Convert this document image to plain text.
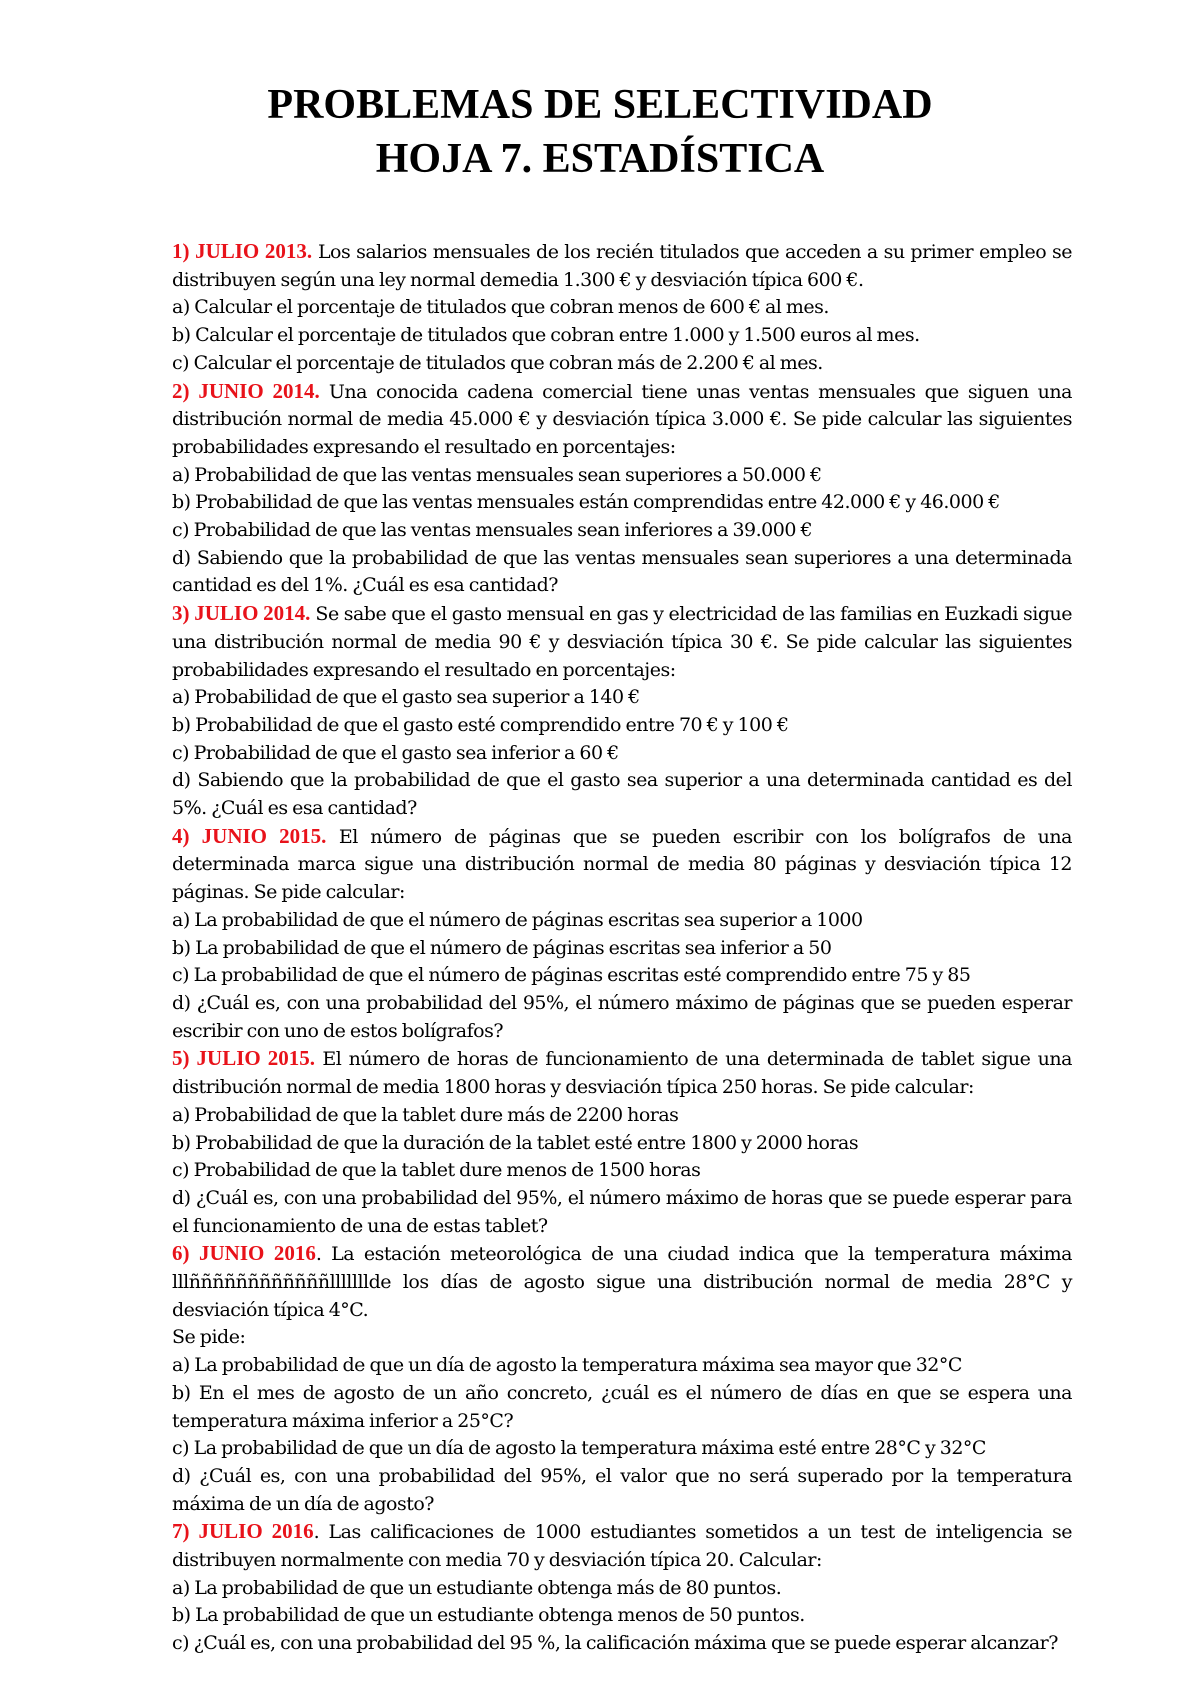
PROBLEMAS DE SELECTIVIDAD
HOJA 7. ESTADÍSTICA

1) JULIO 2013. Los salarios mensuales de los recién titulados que acceden a su primer empleo se distribuyen según una ley normal demedia 1.300 € y desviación típica 600 €.

a) Calcular el porcentaje de titulados que cobran menos de 600 € al mes.

b) Calcular el porcentaje de titulados que cobran entre 1.000 y 1.500 euros al mes.

c) Calcular el porcentaje de titulados que cobran más de 2.200 € al mes.

2) JUNIO 2014. Una conocida cadena comercial tiene unas ventas mensuales que siguen una distribución normal de media 45.000 € y desviación típica 3.000 €. Se pide calcular las siguientes probabilidades expresando el resultado en porcentajes:

a) Probabilidad de que las ventas mensuales sean superiores a 50.000 €

b) Probabilidad de que las ventas mensuales están comprendidas entre 42.000 € y 46.000 €

c) Probabilidad de que las ventas mensuales sean inferiores a 39.000 €

d) Sabiendo que la probabilidad de que las ventas mensuales sean superiores a una determinada cantidad es del 1%. ¿Cuál es esa cantidad?

3) JULIO 2014. Se sabe que el gasto mensual en gas y electricidad de las familias en Euzkadi sigue una distribución normal de media 90 € y desviación típica 30 €. Se pide calcular las siguientes probabilidades expresando el resultado en porcentajes:

a) Probabilidad de que el gasto sea superior a 140 €

b) Probabilidad de que el gasto esté comprendido entre 70 € y 100 €

c) Probabilidad de que el gasto sea inferior a 60 €

d) Sabiendo que la probabilidad de que el gasto sea superior a una determinada cantidad es del 5%. ¿Cuál es esa cantidad?

4) JUNIO 2015. El número de páginas que se pueden escribir con los bolígrafos de una determinada marca sigue una distribución normal de media 80 páginas y desviación típica 12 páginas. Se pide calcular:

a) La probabilidad de que el número de páginas escritas sea superior a 1000

b) La probabilidad de que el número de páginas escritas sea inferior a 50

c) La probabilidad de que el número de páginas escritas esté comprendido entre 75 y 85

d) ¿Cuál es, con una probabilidad del 95%, el número máximo de páginas que se pueden esperar escribir con uno de estos bolígrafos?

5) JULIO 2015. El número de horas de funcionamiento de una determinada de tablet sigue una distribución normal de media 1800 horas y desviación típica 250 horas. Se pide calcular:

a) Probabilidad de que la tablet dure más de 2200 horas

b) Probabilidad de que la duración de la tablet esté entre 1800 y 2000 horas

c) Probabilidad de que la tablet dure menos de 1500 horas

d) ¿Cuál es, con una probabilidad del 95%, el número máximo de horas que se puede esperar para el funcionamiento de una de estas tablet?

6) JUNIO 2016. La estación meteorológica de una ciudad indica que la temperatura máxima lllññññññññññññlllllllde los días de agosto sigue una distribución normal de media 28°C y desviación típica 4°C.

Se pide:

a) La probabilidad de que un día de agosto la temperatura máxima sea mayor que 32°C

b) En el mes de agosto de un año concreto, ¿cuál es el número de días en que se espera una temperatura máxima inferior a 25°C?

c) La probabilidad de que un día de agosto la temperatura máxima esté entre 28°C y 32°C

d) ¿Cuál es, con una probabilidad del 95%, el valor que no será superado por la temperatura máxima de un día de agosto?

7) JULIO 2016. Las calificaciones de 1000 estudiantes sometidos a un test de inteligencia se distribuyen normalmente con media 70 y desviación típica 20. Calcular:

a) La probabilidad de que un estudiante obtenga más de 80 puntos.

b) La probabilidad de que un estudiante obtenga menos de 50 puntos.

c) ¿Cuál es, con una probabilidad del 95 %, la calificación máxima que se puede esperar alcanzar?
